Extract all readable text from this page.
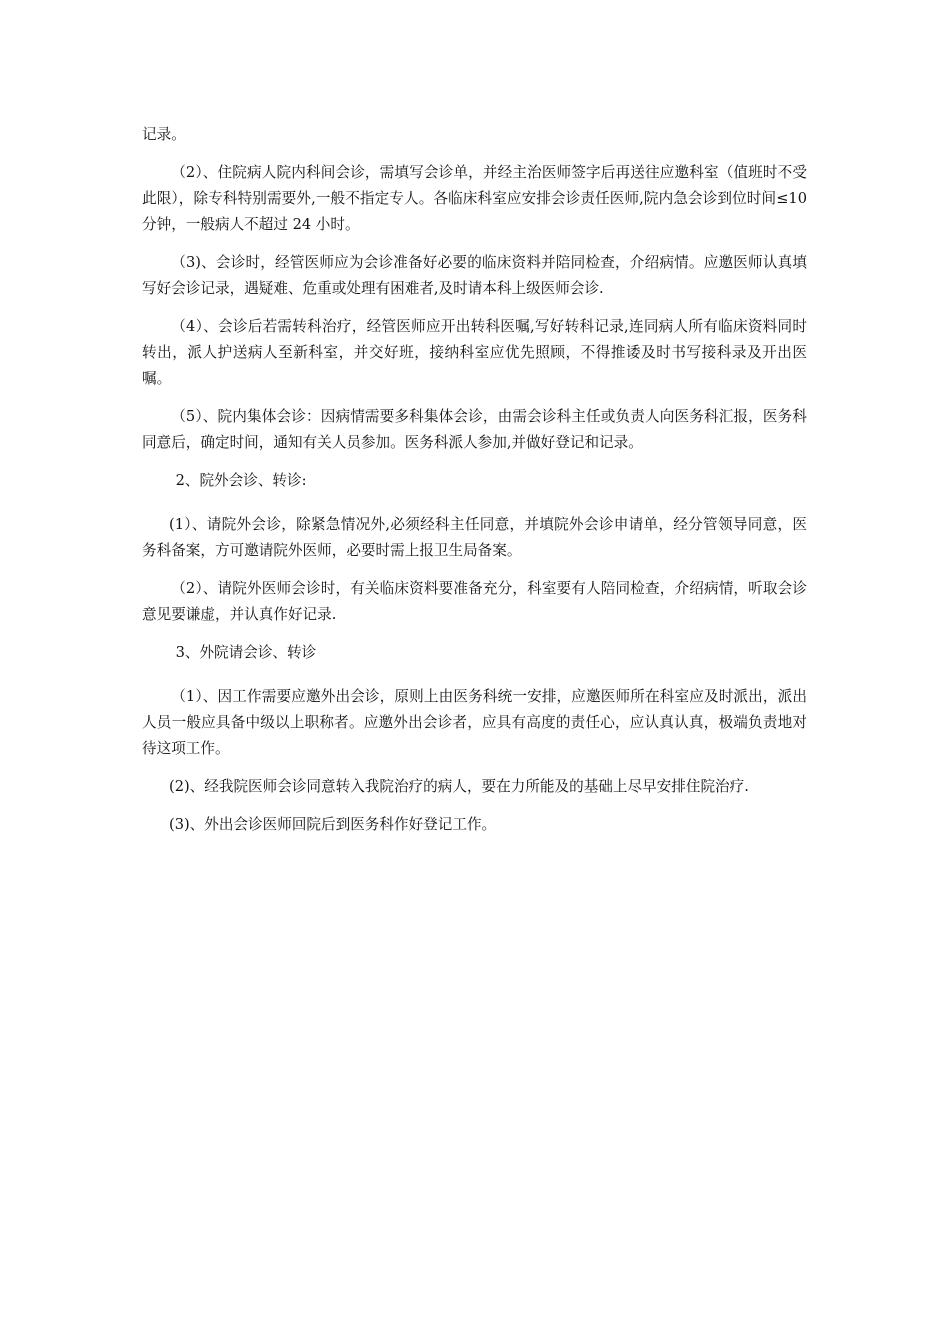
记录。

（2）、住院病人院内科间会诊，需填写会诊单，并经主治医师签字后再送往应邀科室（值班时不受此限），除专科特别需要外,一般不指定专人。各临床科室应安排会诊责任医师,院内急会诊到位时间≤10 分钟，一般病人不超过 24 小时。

（3)、会诊时，经管医师应为会诊准备好必要的临床资料并陪同检查，介绍病情。应邀医师认真填写好会诊记录，遇疑难、危重或处理有困难者,及时请本科上级医师会诊.

（4）、会诊后若需转科治疗，经管医师应开出转科医嘱,写好转科记录,连同病人所有临床资料同时转出，派人护送病人至新科室，并交好班，接纳科室应优先照顾，不得推诿及时书写接科录及开出医嘱。

（5）、院内集体会诊：因病情需要多科集体会诊，由需会诊科主任或负责人向医务科汇报，医务科同意后，确定时间，通知有关人员参加。医务科派人参加,并做好登记和记录。

2、院外会诊、转诊:

(1）、请院外会诊，除紧急情况外,必须经科主任同意，并填院外会诊申请单，经分管领导同意，医务科备案，方可邀请院外医师，必要时需上报卫生局备案。

（2）、请院外医师会诊时，有关临床资料要准备充分，科室要有人陪同检查，介绍病情，听取会诊意见要谦虚，并认真作好记录.

3、外院请会诊、转诊

（1）、因工作需要应邀外出会诊，原则上由医务科统一安排，应邀医师所在科室应及时派出，派出人员一般应具备中级以上职称者。应邀外出会诊者，应具有高度的责任心，应认真认真，极端负责地对待这项工作。

(2)、经我院医师会诊同意转入我院治疗的病人，要在力所能及的基础上尽早安排住院治疗.

(3)、外出会诊医师回院后到医务科作好登记工作。
